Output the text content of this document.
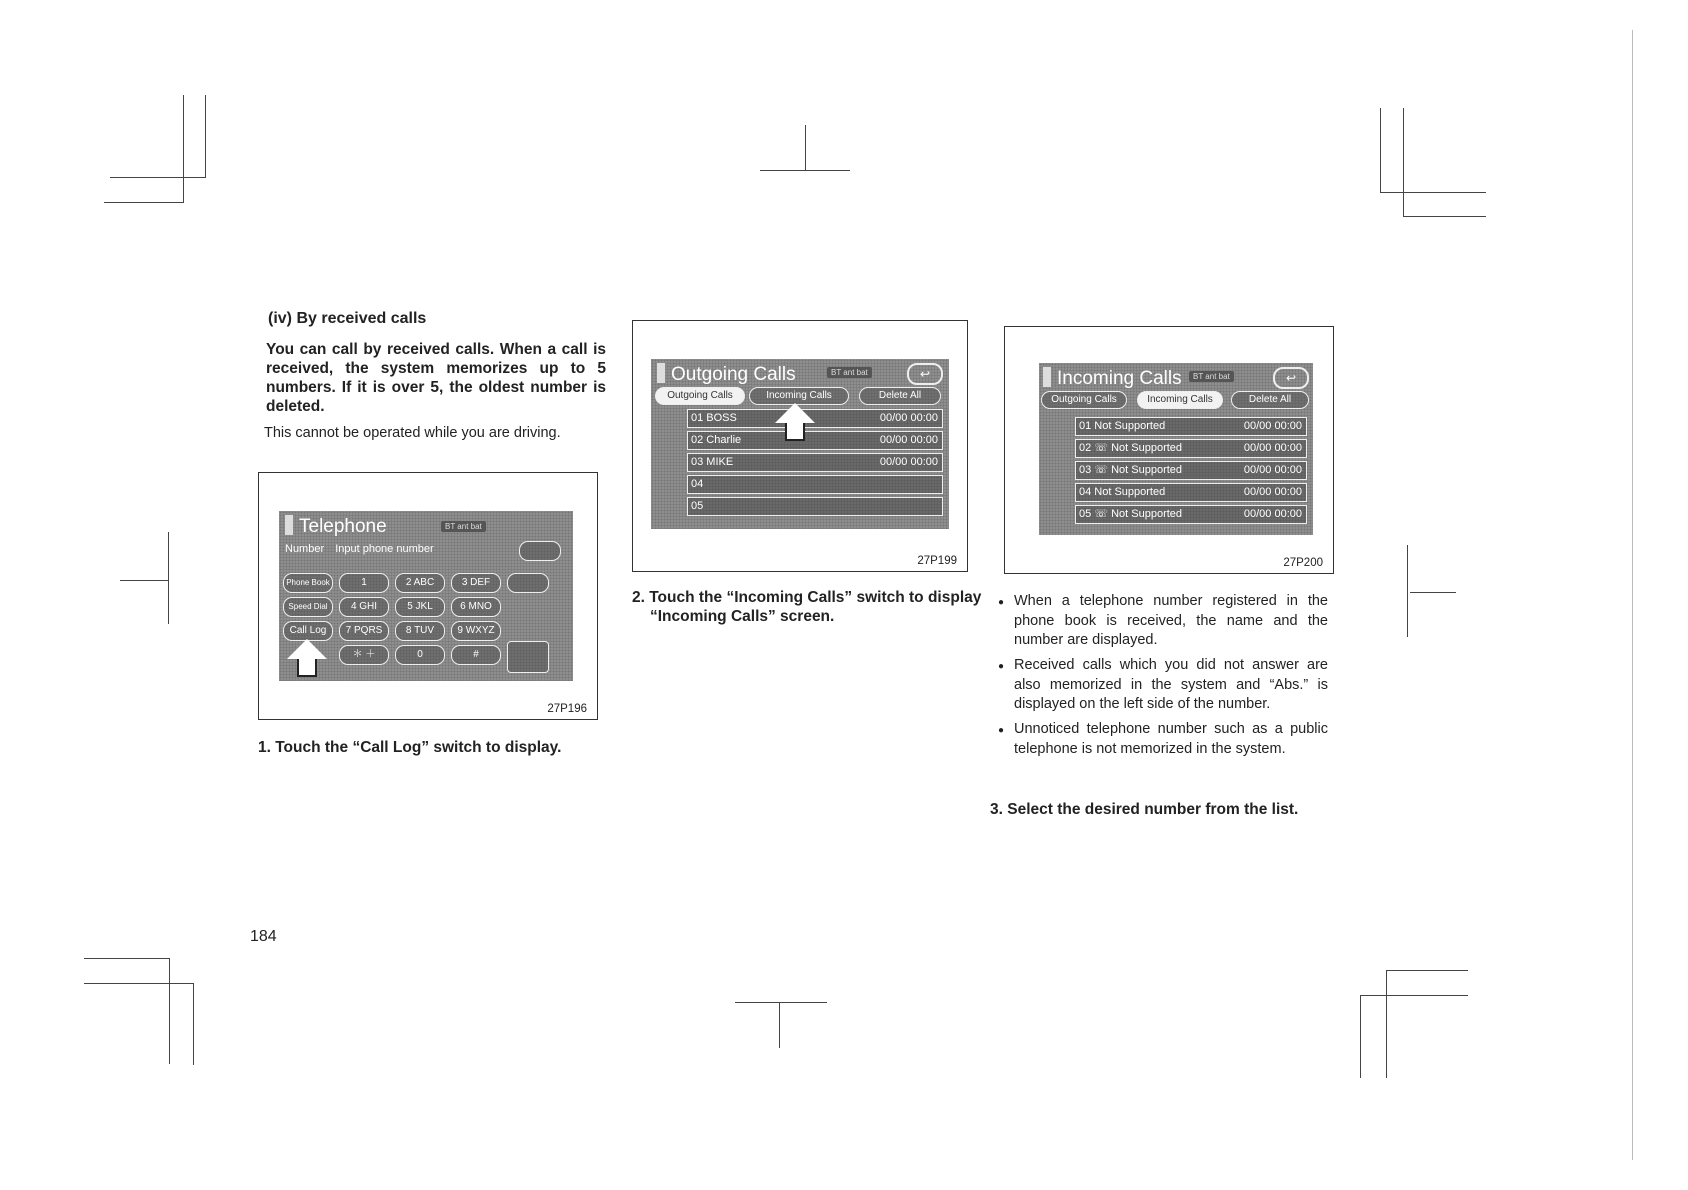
(iv) By received calls
You can call by received calls. When a call is received, the system memorizes up to 5 numbers. If it is over 5, the oldest number is deleted.
This cannot be operated while you are driving.
Telephone	BT ant bat
Number Input phone number
Phone Book	1	2 ABC	3 DEF
Speed Dial	4 GHI	5 JKL	6 MNO
Call Log	7 PQRS	8 TUV	9 WXYZ
＊ ＋	0	#
27P196
1. Touch the “Call Log” switch to display.
Outgoing Calls	BT ant bat	↩
Outgoing Calls	Incoming Calls	Delete All
01 BOSS	00/00 00:00
02 Charlie	00/00 00:00
03 MIKE	00/00 00:00
04
05
27P199
2. Touch the “Incoming Calls” switch to display “Incoming Calls” screen.
Incoming Calls	BT ant bat	↩
Outgoing Calls	Incoming Calls	Delete All
01 Not Supported	00/00 00:00
02 ☏ Not Supported	00/00 00:00
03 ☏ Not Supported	00/00 00:00
04 Not Supported	00/00 00:00
05 ☏ Not Supported	00/00 00:00
27P200
● When a telephone number registered in the phone book is received, the name and the number are displayed.
● Received calls which you did not answer are also memorized in the system and “Abs.” is displayed on the left side of the number.
● Unnoticed telephone number such as a public telephone is not memorized in the system.
3. Select the desired number from the list.
184
